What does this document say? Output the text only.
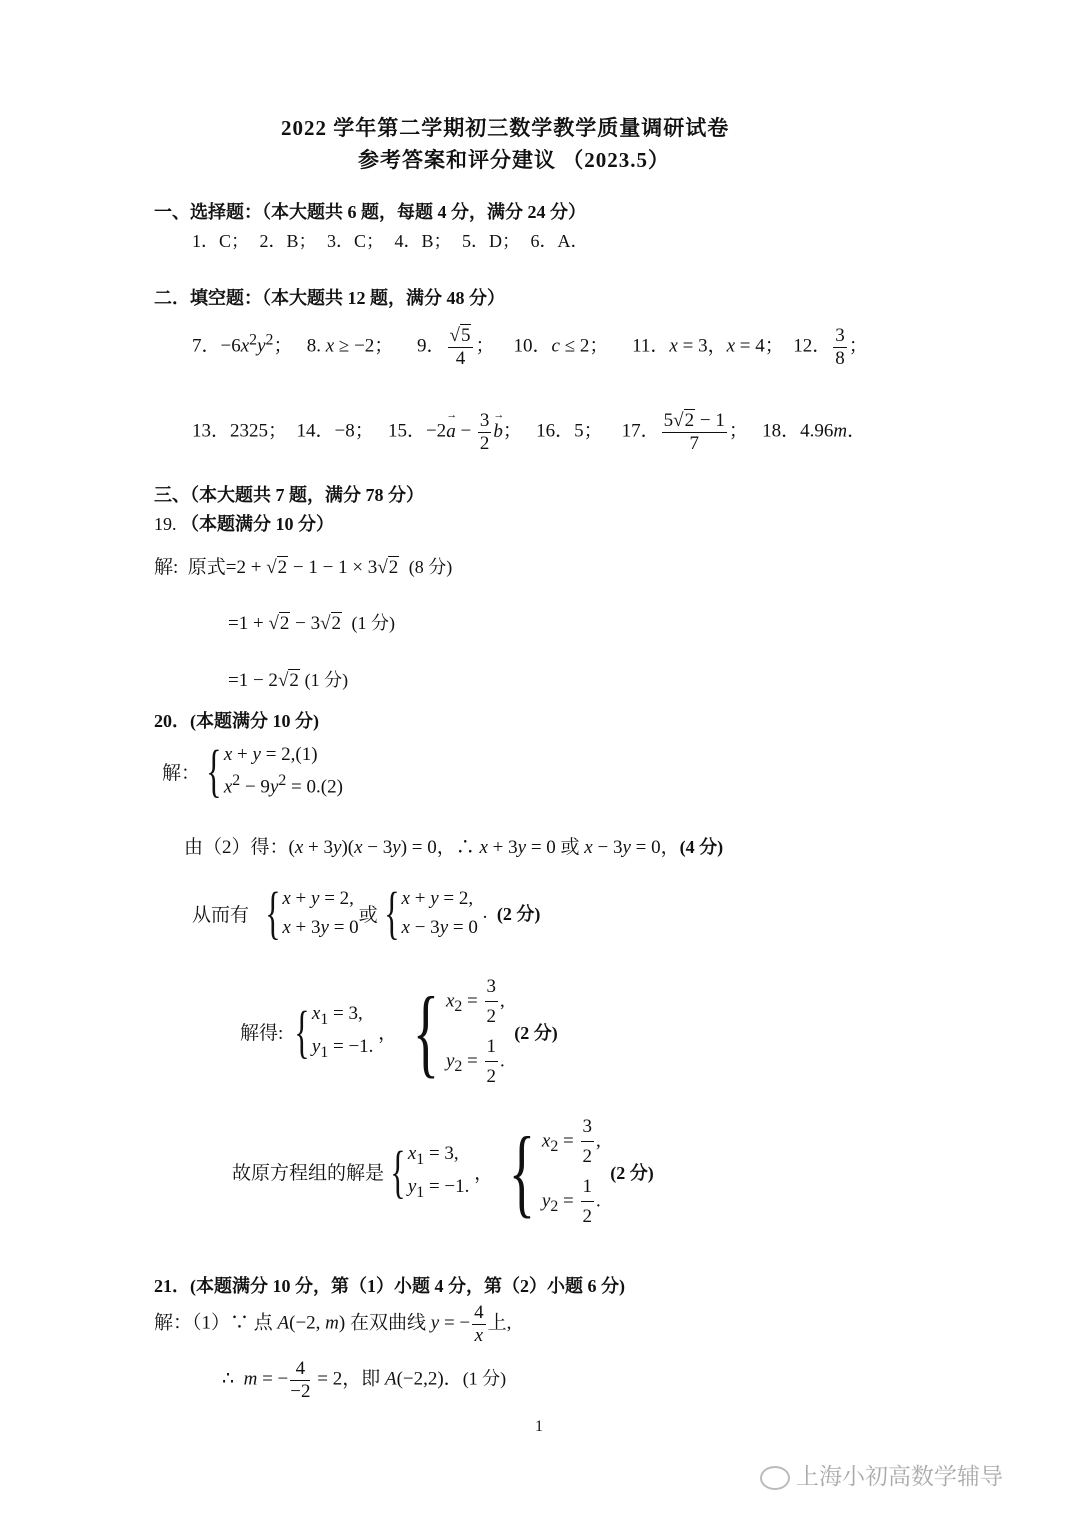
2022 学年第二学期初三数学教学质量调研试卷
参考答案和评分建议 （2023.5）
一、选择题：（本大题共 6 题，每题 4 分，满分 24 分）
1．C； 2．B； 3．C； 4．B； 5．D； 6．A．
二．填空题：（本大题共 12 题，满分 48 分）
7．$-6x^2y^2$；   8. x ≥ −2；     9． $\frac{√5}{4}$ ；    10．c ≤ 2；     11．x = 3，x = 4；  12． $\frac{3}{8}$ ；
13．2325；  14．−8；   15．$-2\to a - \frac{3}{2}$
→ b；   16．5；    17． $\frac{5√2 - 1}{7}$ ；   18．4.96m．
三、（本大题共 7 题，满分 78 分）
19. （本题满分 10 分）
解:  原式=2 + √2 − 1 − 1 × 3√2 (8 分)
=1 + √2 − 3√2 (1 分)
=1 − 2√2 (1 分)
20．(本题满分 10 分)
解： { x + y = 2,(1)
$x^2 - 9y^2 = 0.(2)$
由（2）得：(x + 3y)(x − 3y) = 0，∴ x + 3y = 0 或 x − 3y = 0，(4 分)
从而有
{ x + y = 2,
x + 3y = 0
或 { x + y = 2,
x − 3y = 0
. (2 分)
解得:
{ $x_1 = 3$,
$y_1 = -1$.
， { $x_2 = \frac{3}{2}$ ,
$y_2 = \frac{1}{2}$ .

(2 分)
故原方程组的解是 { $x_1 = 3$,
$y_1 = -1$.
， { $x_2 = \frac{3}{2}$ ,
$y_2 = \frac{1}{2}$ .

(2 分)
21．(本题满分 10 分，第（1）小题 4 分，第（2）小题 6 分)
解：（1）∵ 点 A(−2, m) 在双曲线 y = − $\frac{4}{x}$ 上,
∴  m = − $\frac{4}{-2} = 2$，即 A(−2,2)．(1 分)
1
上海小初高数学辅导
